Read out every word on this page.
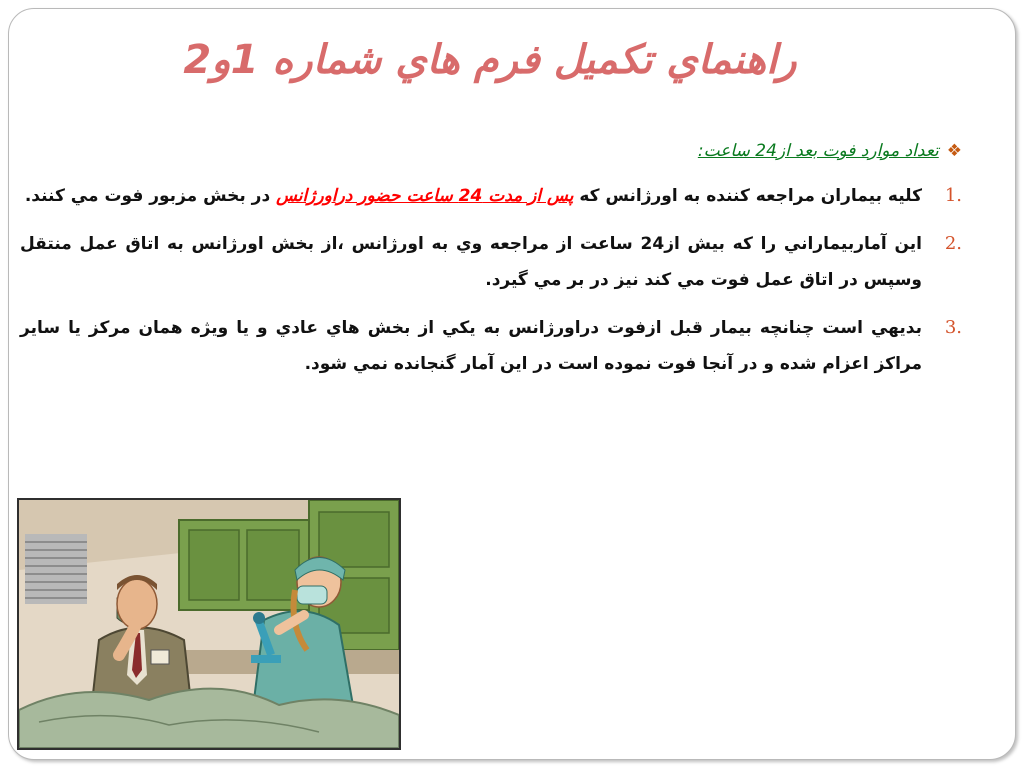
راهنماي تكميل فرم هاي شماره 1و2
❖تعداد موارد فوت بعد از24 ساعت:
1.
كليه بيماران مراجعه كننده به اورژانس كه پس از مدت 24 ساعت حضور دراورژانس در بخش مزبور فوت مي كنند.
2.
اين آماربيماراني را كه بيش از24 ساعت از مراجعه وي به اورژانس ،از بخش اورژانس به اتاق عمل منتقل وسپس در اتاق عمل فوت مي كند نيز در بر مي گيرد.
3.
بديهي است چنانچه بيمار قبل ازفوت دراورژانس به يكي از بخش هاي عادي و يا ويژه همان مركز يا ساير مراكز اعزام شده و در آنجا فوت نموده است در اين آمار گنجانده نمي شود.
